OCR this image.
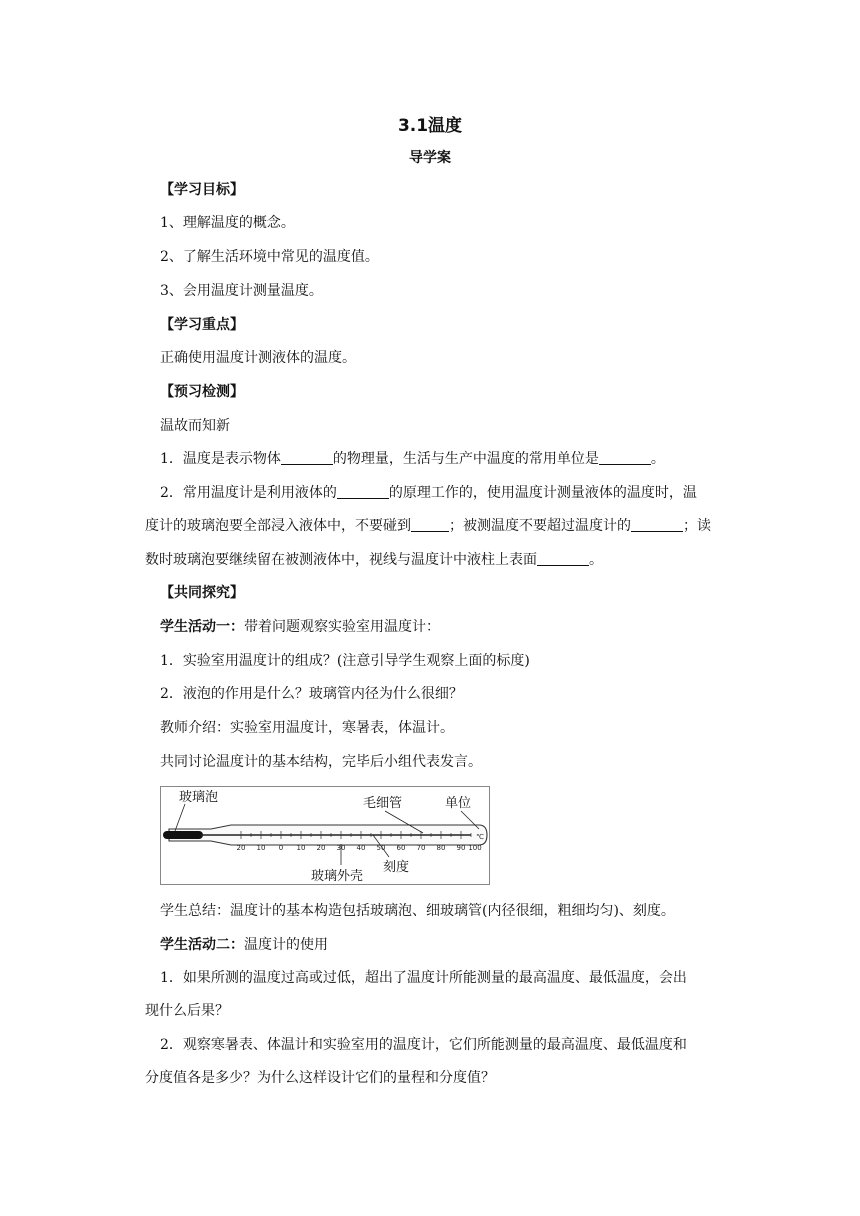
3.1温度
导学案
【学习目标】
1、理解温度的概念。
2、了解生活环境中常见的温度值。
3、会用温度计测量温度。
【学习重点】
正确使用温度计测液体的温度。
【预习检测】
温故而知新
1．温度是表示物体	的物理量，生活与生产中温度的常用单位是	。
2．常用温度计是利用液体的	的原理工作的，使用温度计测量液体的温度时，温
度计的玻璃泡要全部浸入液体中，不要碰到	；被测温度不要超过温度计的	；读
数时玻璃泡要继续留在被测液体中，视线与温度计中液柱上表面	。
【共同探究】
学生活动一：带着问题观察实验室用温度计：
1．实验室用温度计的组成？(注意引导学生观察上面的标度)
2．液泡的作用是什么？玻璃管内径为什么很细？
教师介绍：实验室用温度计，寒暑表，体温计。
共同讨论温度计的基本结构，完毕后小组代表发言。
20 10 0 10 20 30 40 50 60 70 80 90 100
℃
玻璃泡	毛细管	单位
玻璃外壳
刻度
学生总结：温度计的基本构造包括玻璃泡、细玻璃管(内径很细，粗细均匀)、刻度。
学生活动二：温度计的使用
1．如果所测的温度过高或过低，超出了温度计所能测量的最高温度、最低温度，会出
现什么后果？
2．观察寒暑表、体温计和实验室用的温度计，它们所能测量的最高温度、最低温度和
分度值各是多少？为什么这样设计它们的量程和分度值？
